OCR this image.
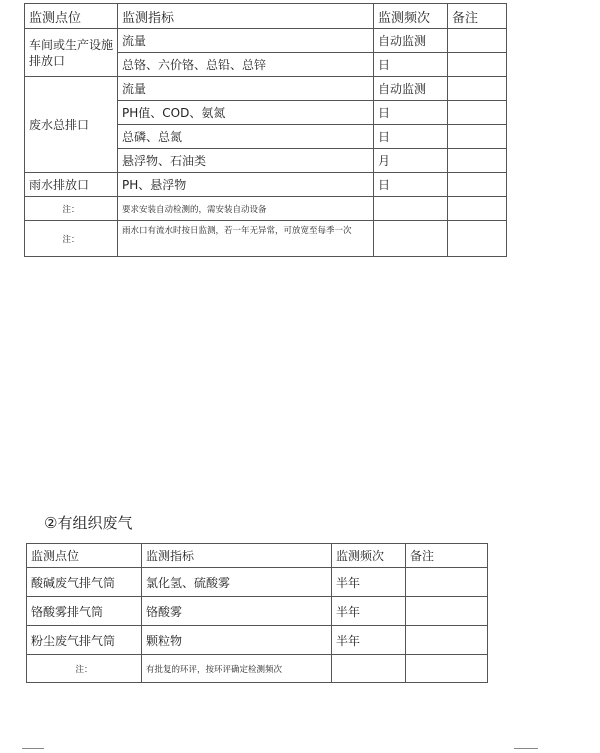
监测点位	监测指标	监测频次	备注
车间或生产设施排放口	流量	自动监测	
	总铬、六价铬、总铅、总锌	日	
废水总排口	流量	自动监测	
	PH值、COD、氨氮	日	
	总磷、总氮	日	
	悬浮物、石油类	月	
雨水排放口	PH、悬浮物	日	
注：	要求安装自动检测的，需安装自动设备		
注：	雨水口有流水时按日监测，若一年无异常，可放宽至每季一次		
②有组织废气
监测点位	监测指标	监测频次	备注
酸碱废气排气筒	氯化氢、硫酸雾	半年	
铬酸雾排气筒	铬酸雾	半年	
粉尘废气排气筒	颗粒物	半年	
注：	有批复的环评，按环评确定检测频次		
